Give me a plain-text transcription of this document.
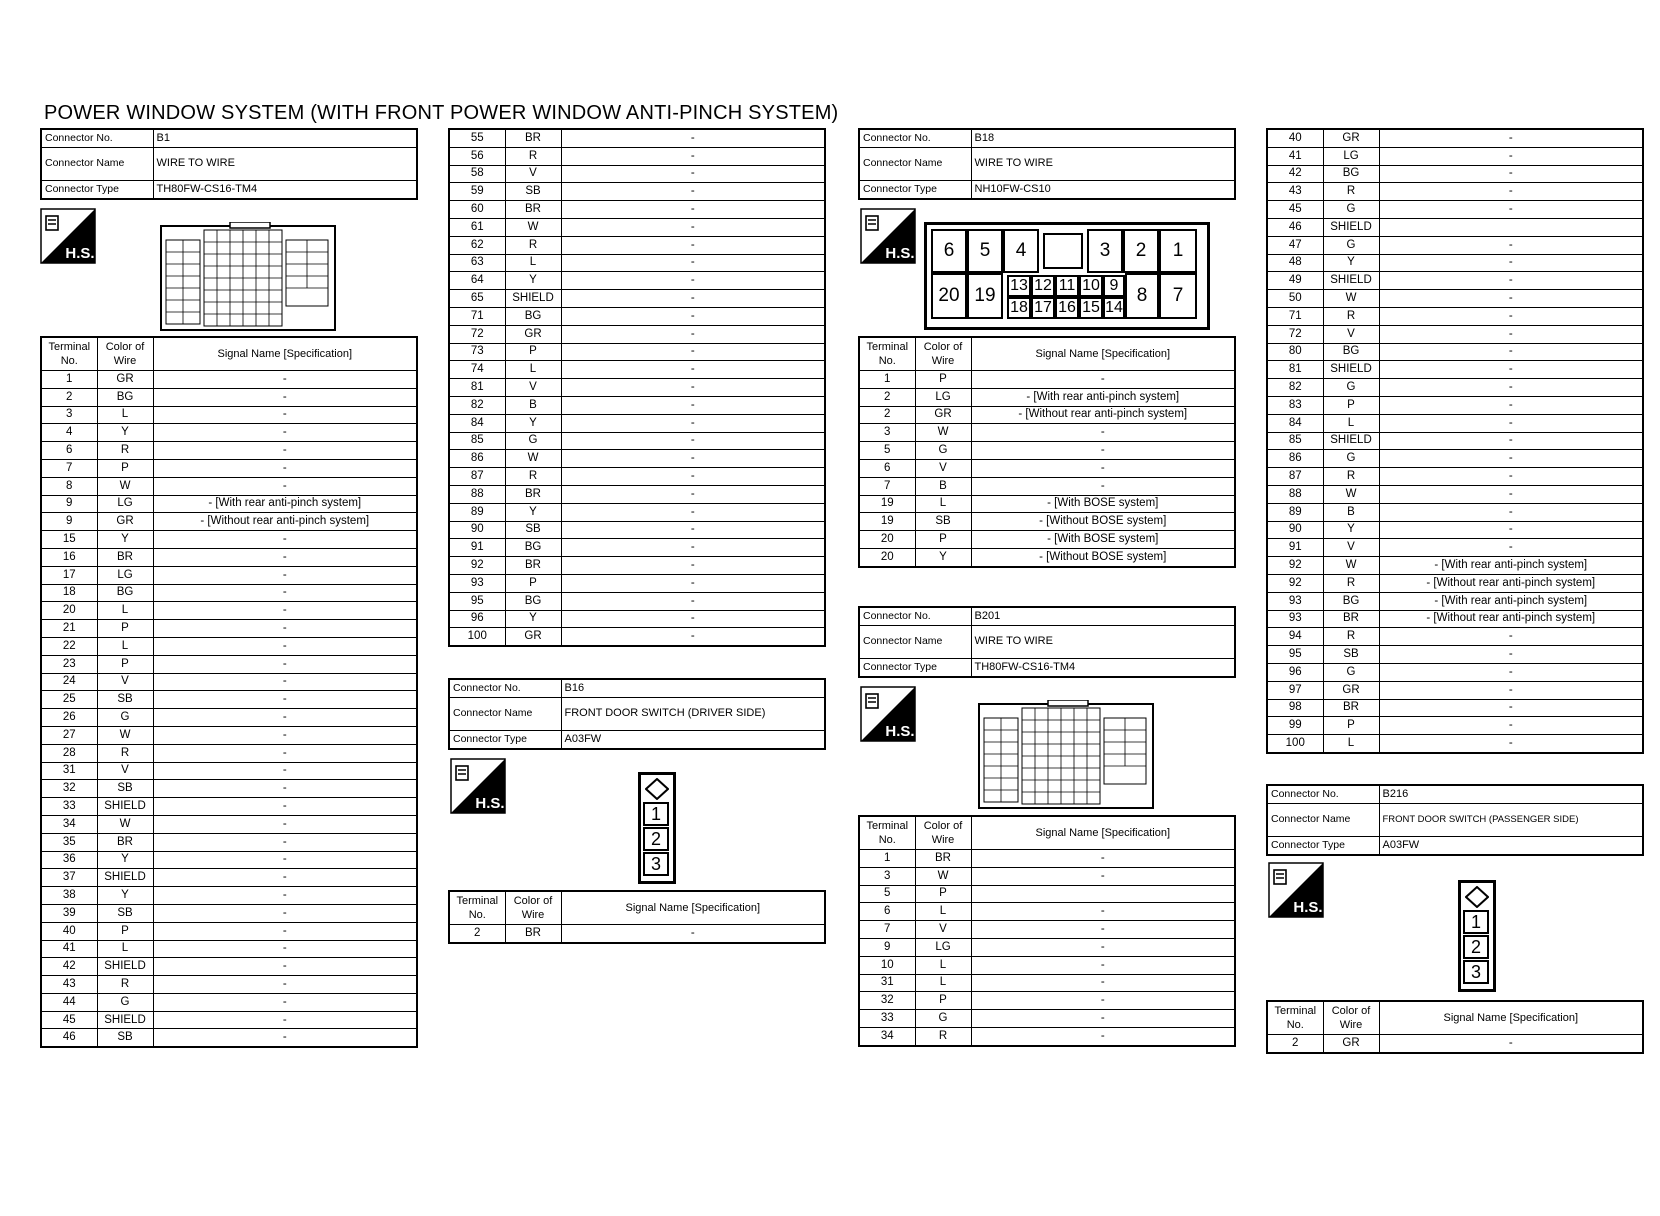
POWER WINDOW SYSTEM (WITH FRONT POWER WINDOW ANTI-PINCH SYSTEM)
Connector No.	B1
Connector Name	WIRE TO WIRE
Connector Type	TH80FW-CS16-TM4
H.S.
Terminal No.	Color of Wire	Signal Name [Specification]
1	GR	-
2	BG	-
3	L	-
4	Y	-
6	R	-
7	P	-
8	W	-
9	LG	- [With rear anti-pinch system]
9	GR	- [Without rear anti-pinch system]
15	Y	-
16	BR	-
17	LG	-
18	BG	-
20	L	-
21	P	-
22	L	-
23	P	-
24	V	-
25	SB	-
26	G	-
27	W	-
28	R	-
31	V	-
32	SB	-
33	SHIELD	-
34	W	-
35	BR	-
36	Y	-
37	SHIELD	-
38	Y	-
39	SB	-
40	P	-
41	L	-
42	SHIELD	-
43	R	-
44	G	-
45	SHIELD	-
46	SB	-
55	BR	-
56	R	-
58	V	-
59	SB	-
60	BR	-
61	W	-
62	R	-
63	L	-
64	Y	-
65	SHIELD	-
71	BG	-
72	GR	-
73	P	-
74	L	-
81	V	-
82	B	-
84	Y	-
85	G	-
86	W	-
87	R	-
88	BR	-
89	Y	-
90	SB	-
91	BG	-
92	BR	-
93	P	-
95	BG	-
96	Y	-
100	GR	-
Connector No.	B16
Connector Name	FRONT DOOR SWITCH (DRIVER SIDE)
Connector Type	A03FW
H.S.	1
2
3
Terminal No.	Color of Wire	Signal Name [Specification]
2	BR	-
Connector No.	B18
Connector Name	WIRE TO WIRE
Connector Type	NH10FW-CS10
H.S.	6	5	4	3	2	1
20 19 13 12 11 10 9 8	7
18 17 16 15 14
Terminal No.	Color of Wire	Signal Name [Specification]
1	P	-
2	LG	- [With rear anti-pinch system]
2	GR	- [Without rear anti-pinch system]
3	W	-
5	G	-
6	V	-
7	B	-
19	L	- [With BOSE system]
19	SB	- [Without BOSE system]
20	P	- [With BOSE system]
20	Y	- [Without BOSE system]
Connector No.	B201
Connector Name	WIRE TO WIRE
Connector Type	TH80FW-CS16-TM4
H.S.
Terminal No.	Color of Wire	Signal Name [Specification]
1	BR	-
3	W	-
5	P	
6	L	-
7	V	-
9	LG	-
10	L	-
31	L	-
32	P	-
33	G	-
34	R	-
40	GR	-
41	LG	-
42	BG	-
43	R	-
45	G	-
46	SHIELD	
47	G	-
48	Y	-
49	SHIELD	-
50	W	-
71	R	-
72	V	-
80	BG	-
81	SHIELD	-
82	G	-
83	P	-
84	L	-
85	SHIELD	-
86	G	-
87	R	-
88	W	-
89	B	-
90	Y	-
91	V	-
92	W	- [With rear anti-pinch system]
92	R	- [Without rear anti-pinch system]
93	BG	- [With rear anti-pinch system]
93	BR	- [Without rear anti-pinch system]
94	R	-
95	SB	-
96	G	-
97	GR	-
98	BR	-
99	P	-
100	L	-
Connector No.	B216
Connector Name	FRONT DOOR SWITCH (PASSENGER SIDE)
Connector Type	A03FW
H.S.
1
2
3
Terminal No.	Color of Wire	Signal Name [Specification]
2	GR	-
